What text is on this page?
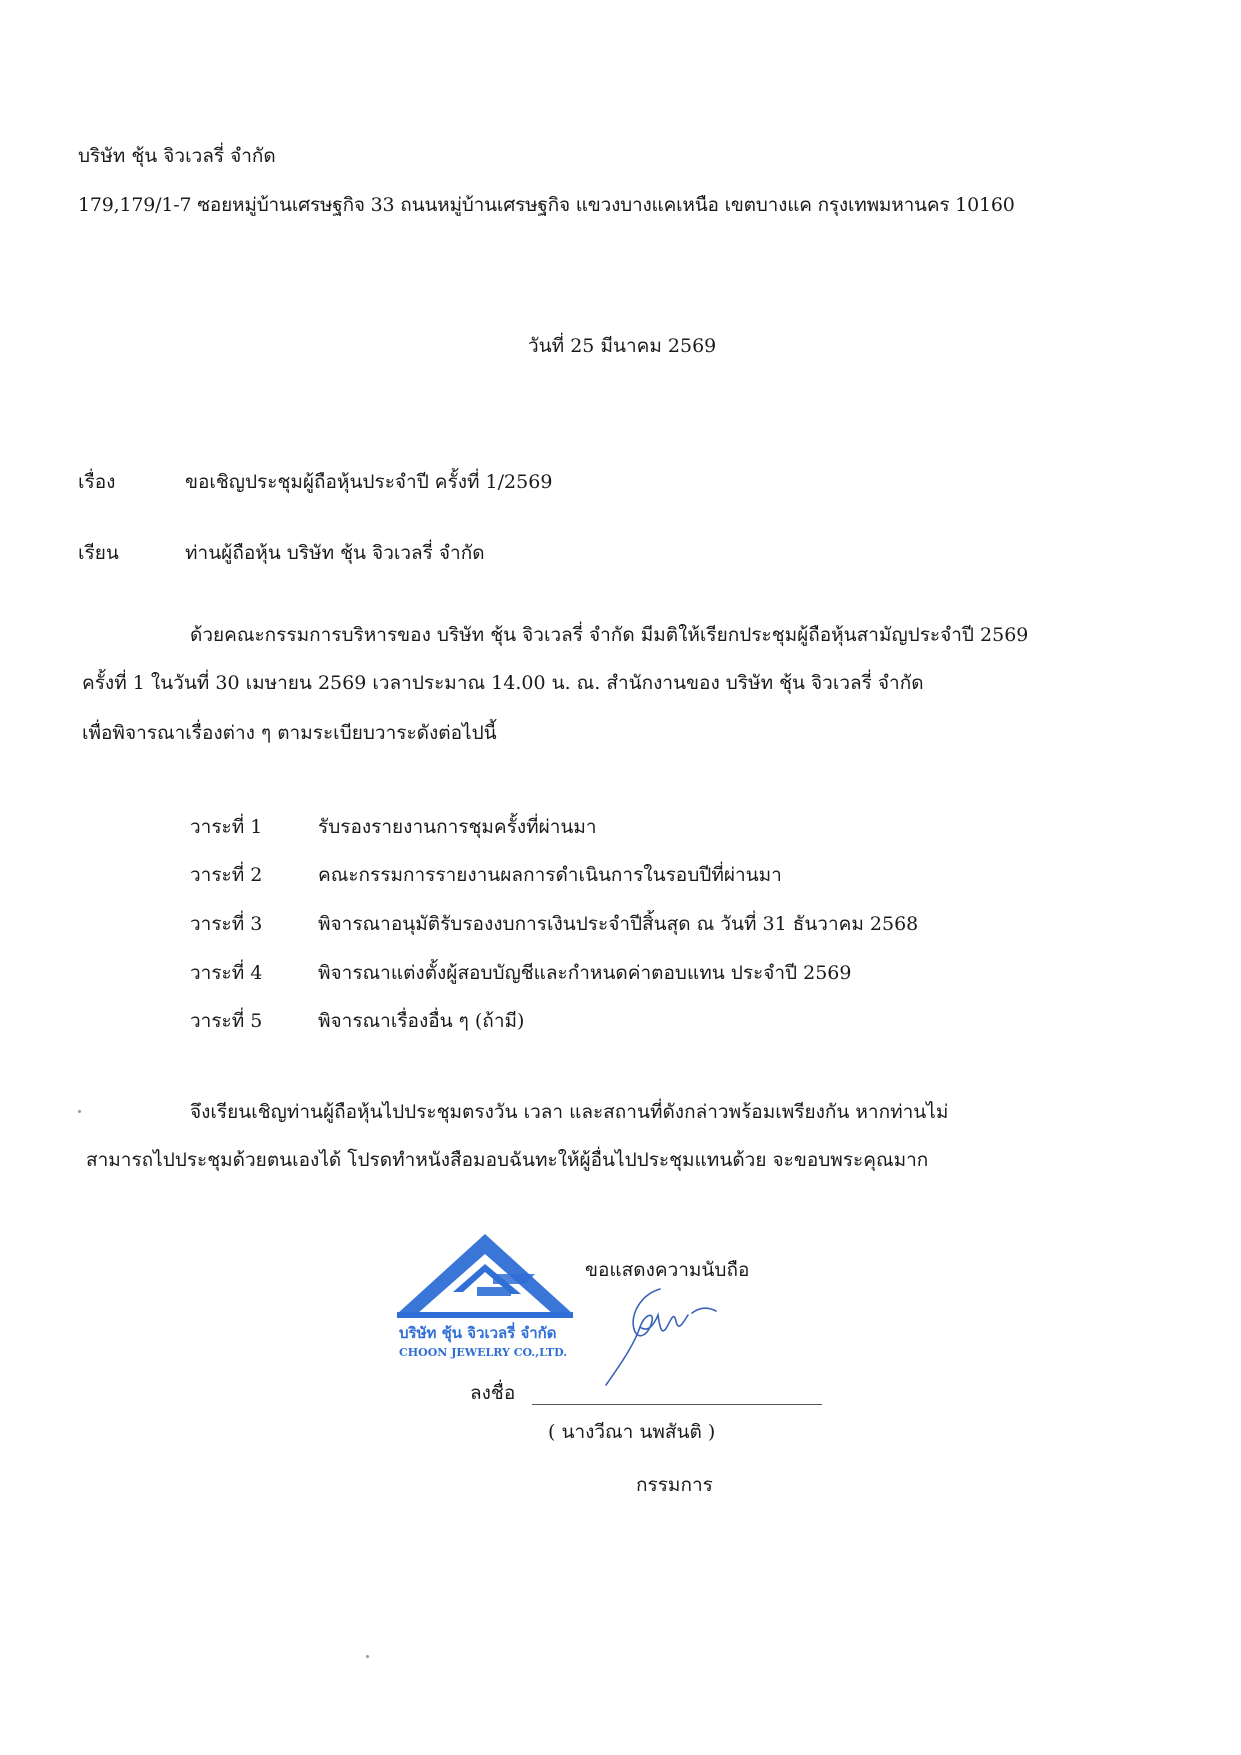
บริษัท ชุ้น จิวเวลรี่ จำกัด
179,179/1-7 ซอยหมู่บ้านเศรษฐกิจ 33 ถนนหมู่บ้านเศรษฐกิจ แขวงบางแคเหนือ เขตบางแค กรุงเทพมหานคร 10160
วันที่ 25 มีนาคม 2569
เรื่อง	ขอเชิญประชุมผู้ถือหุ้นประจำปี ครั้งที่ 1/2569
เรียน	ท่านผู้ถือหุ้น บริษัท ชุ้น จิวเวลรี่ จำกัด
ด้วยคณะกรรมการบริหารของ บริษัท ชุ้น จิวเวลรี่ จำกัด มีมติให้เรียกประชุมผู้ถือหุ้นสามัญประจำปี 2569
ครั้งที่ 1 ในวันที่ 30 เมษายน 2569 เวลาประมาณ 14.00 น. ณ. สำนักงานของ บริษัท ชุ้น จิวเวลรี่ จำกัด
เพื่อพิจารณาเรื่องต่าง ๆ ตามระเบียบวาระดังต่อไปนี้
วาระที่ 1	รับรองรายงานการชุมครั้งที่ผ่านมา
วาระที่ 2	คณะกรรมการรายงานผลการดำเนินการในรอบปีที่ผ่านมา
วาระที่ 3	พิจารณาอนุมัติรับรองงบการเงินประจำปีสิ้นสุด ณ วันที่ 31 ธันวาคม 2568
วาระที่ 4	พิจารณาแต่งตั้งผู้สอบบัญชีและกำหนดค่าตอบแทน ประจำปี 2569
วาระที่ 5	พิจารณาเรื่องอื่น ๆ (ถ้ามี)
จึงเรียนเชิญท่านผู้ถือหุ้นไปประชุมตรงวัน เวลา และสถานที่ดังกล่าวพร้อมเพรียงกัน หากท่านไม่
สามารถไปประชุมด้วยตนเองได้ โปรดทำหนังสือมอบฉันทะให้ผู้อื่นไปประชุมแทนด้วย จะขอบพระคุณมาก
บริษัท ชุ้น จิวเวลรี่ จำกัด
CHOON JEWELRY CO.,LTD.
ขอแสดงความนับถือ
ลงชื่อ
( นางวีณา นพสันติ )
กรรมการ
